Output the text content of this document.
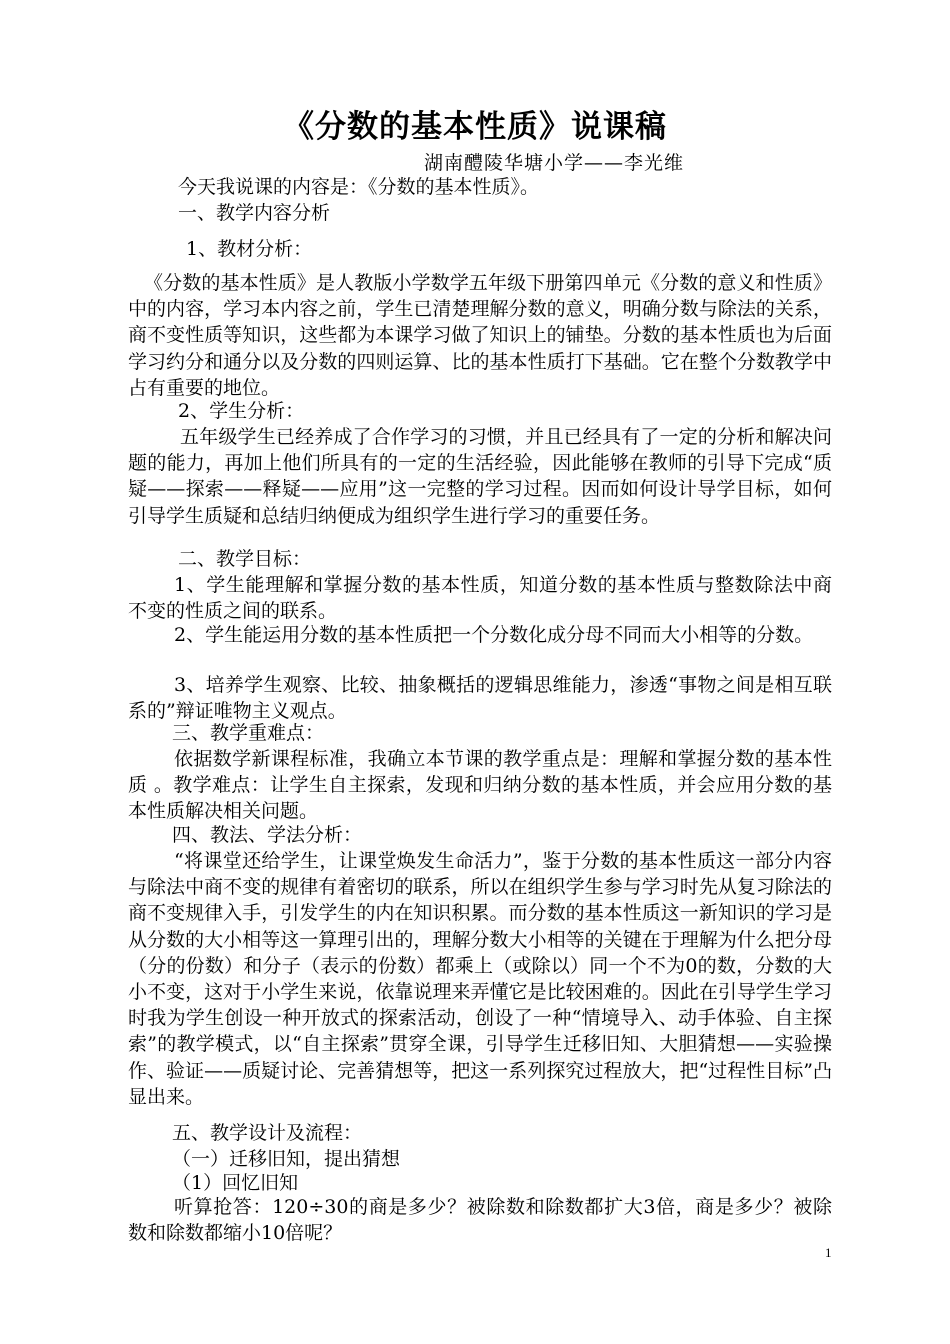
《分数的基本性质》说课稿
湖南醴陵华塘小学——李光维
今天我说课的内容是：《分数的基本性质》。
一、教学内容分析
1、教材分析：
《分数的基本性质》是人教版小学数学五年级下册第四单元《分数的意义和性质》中的内容，学习本内容之前，学生已清楚理解分数的意义，明确分数与除法的关系，商不变性质等知识，这些都为本课学习做了知识上的铺垫。分数的基本性质也为后面学习约分和通分以及分数的四则运算、比的基本性质打下基础。它在整个分数教学中占有重要的地位。
2、学生分析：
五年级学生已经养成了合作学习的习惯，并且已经具有了一定的分析和解决问题的能力，再加上他们所具有的一定的生活经验，因此能够在教师的引导下完成“质疑——探索——释疑——应用”这一完整的学习过程。因而如何设计导学目标，如何引导学生质疑和总结归纳便成为组织学生进行学习的重要任务。
二、教学目标：
1、学生能理解和掌握分数的基本性质，知道分数的基本性质与整数除法中商不变的性质之间的联系。
2、学生能运用分数的基本性质把一个分数化成分母不同而大小相等的分数。
3、培养学生观察、比较、抽象概括的逻辑思维能力，渗透“事物之间是相互联系的”辩证唯物主义观点。
三、教学重难点：
依据数学新课程标准，我确立本节课的教学重点是：理解和掌握分数的基本性质 。教学难点：让学生自主探索，发现和归纳分数的基本性质，并会应用分数的基本性质解决相关问题。
四、教法、学法分析：
“将课堂还给学生，让课堂焕发生命活力”，鉴于分数的基本性质这一部分内容与除法中商不变的规律有着密切的联系，所以在组织学生参与学习时先从复习除法的商不变规律入手，引发学生的内在知识积累。而分数的基本性质这一新知识的学习是从分数的大小相等这一算理引出的，理解分数大小相等的关键在于理解为什么把分母（分的份数）和分子（表示的份数）都乘上（或除以）同一个不为0的数，分数的大小不变，这对于小学生来说，依靠说理来弄懂它是比较困难的。因此在引导学生学习时我为学生创设一种开放式的探索活动，创设了一种“情境导入、动手体验、自主探索”的教学模式，以“自主探索”贯穿全课，引导学生迁移旧知、大胆猜想——实验操作、验证——质疑讨论、完善猜想等，把这一系列探究过程放大，把“过程性目标”凸显出来。
五、教学设计及流程：
（一）迁移旧知，提出猜想
（1）回忆旧知
听算抢答：120÷30的商是多少？被除数和除数都扩大3倍，商是多少？被除数和除数都缩小10倍呢？
1
